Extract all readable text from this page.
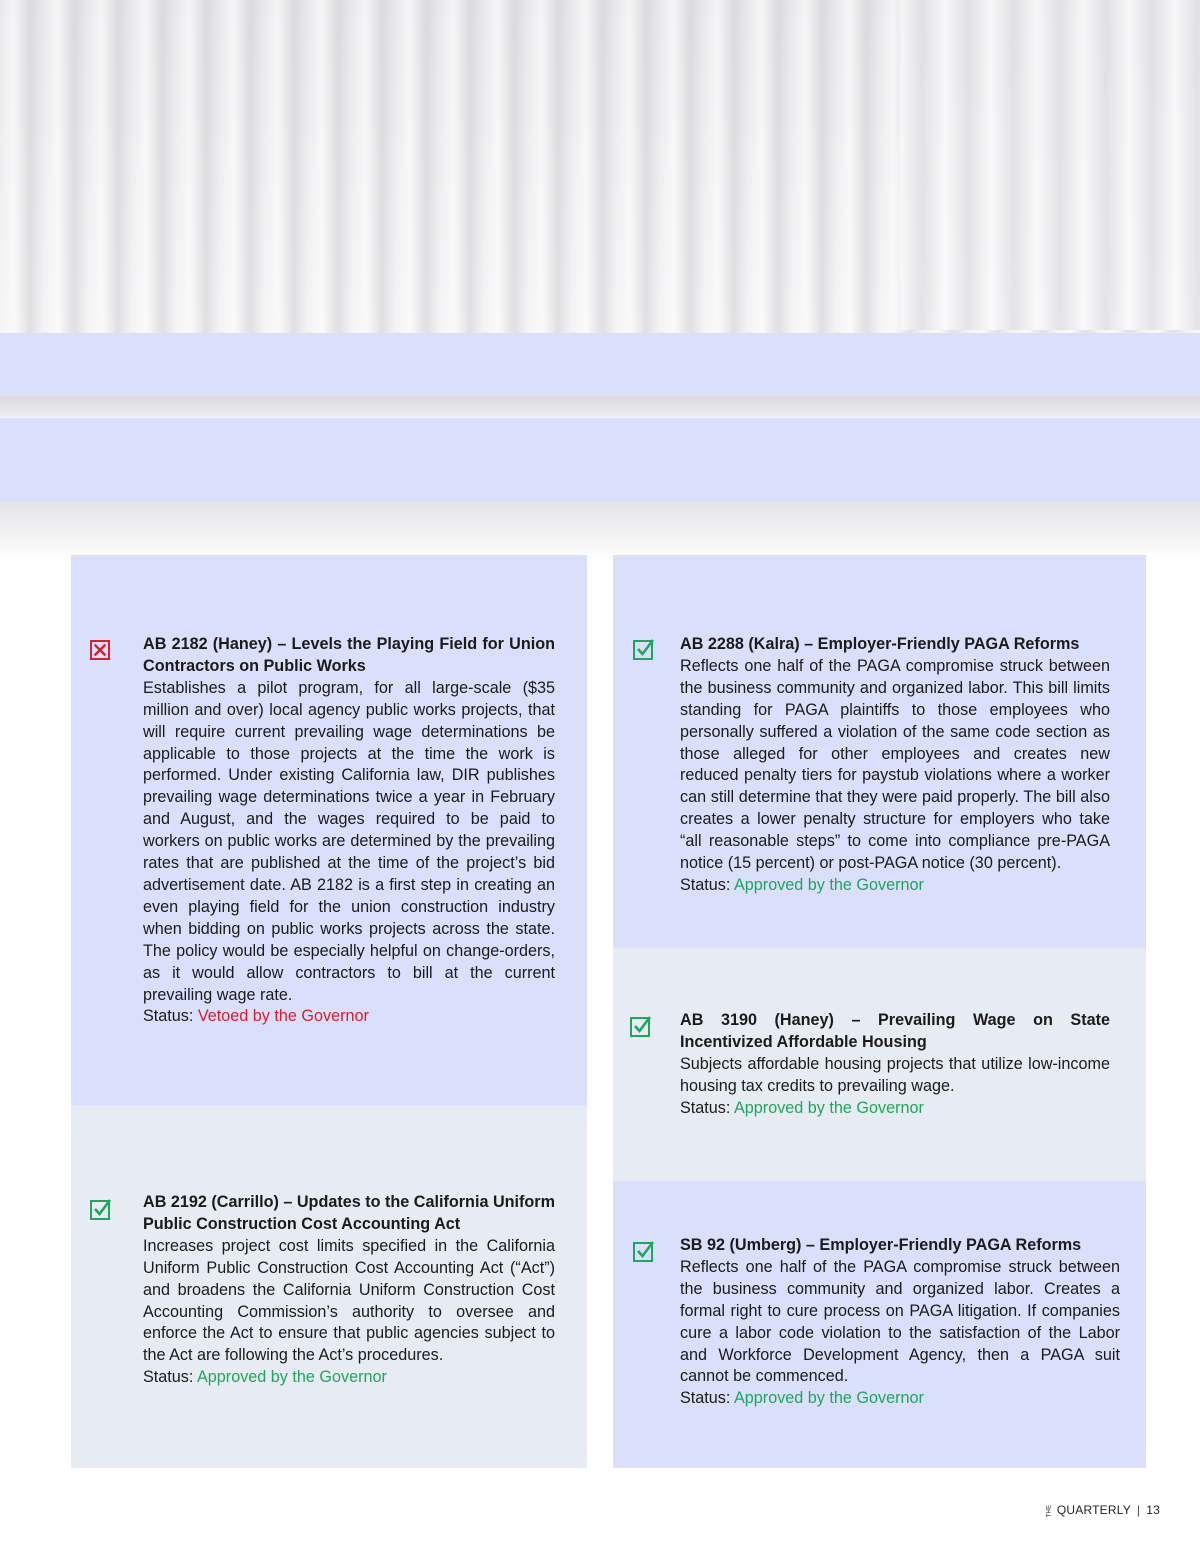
AB 2182 (Haney) – Levels the Playing Field for Union Contractors on Public Works
Establishes a pilot program, for all large-scale ($35 million and over) local agency public works projects, that will require current prevailing wage determinations be applicable to those projects at the time the work is performed. Under existing California law, DIR publishes prevailing wage determinations twice a year in February and August, and the wages required to be paid to workers on public works are determined by the prevailing rates that are published at the time of the project’s bid advertisement date. AB 2182 is a first step in creating an even playing field for the union construction industry when bidding on public works projects across the state. The policy would be especially helpful on change-orders, as it would allow contractors to bill at the current prevailing wage rate.
Status: Vetoed by the Governor
AB 2192 (Carrillo) – Updates to the California Uniform Public Construction Cost Accounting Act
Increases project cost limits specified in the California Uniform Public Construction Cost Accounting Act (“Act”) and broadens the California Uniform Construction Cost Accounting Commission’s authority to oversee and enforce the Act to ensure that public agencies subject to the Act are following the Act’s procedures.
Status: Approved by the Governor
AB 2288 (Kalra) – Employer-Friendly PAGA Reforms
Reflects one half of the PAGA compromise struck between the business community and organized labor. This bill limits standing for PAGA plaintiffs to those employees who personally suffered a violation of the same code section as those alleged for other employees and creates new reduced penalty tiers for paystub violations where a worker can still determine that they were paid properly. The bill also creates a lower penalty structure for employers who take “all reasonable steps” to come into compliance pre-PAGA notice (15 percent) or post-PAGA notice (30 percent).
Status: Approved by the Governor
AB 3190 (Haney) – Prevailing Wage on State Incentivized Affordable Housing
Subjects affordable housing projects that utilize low-income housing tax credits to prevailing wage.
Status: Approved by the Governor
SB 92 (Umberg) – Employer-Friendly PAGA Reforms
Reflects one half of the PAGA compromise struck between the business community and organized labor. Creates a formal right to cure process on PAGA litigation. If companies cure a labor code violation to the satisfaction of the Labor and Workforce Development Agency, then a PAGA suit cannot be commenced.
Status: Approved by the Governor
THE QUARTERLY | 13
